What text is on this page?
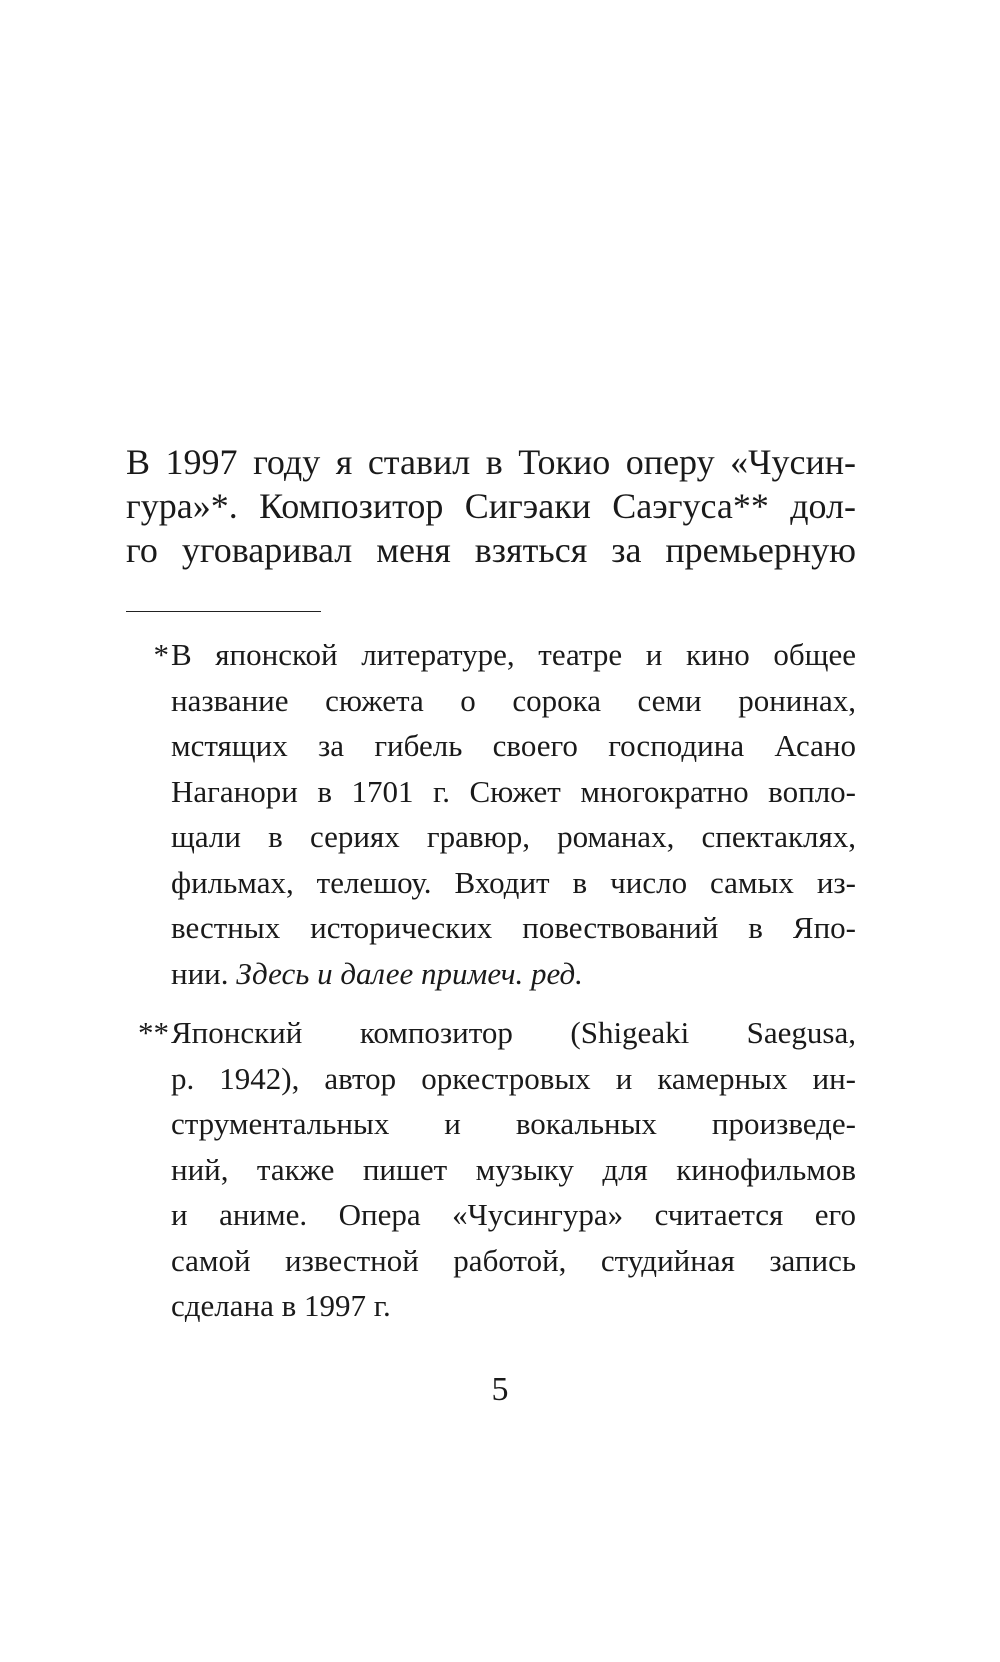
В 1997 году я ставил в Токио оперу «Чусин-
гура»*. Композитор Сигэаки Саэгуса** дол-
го уговаривал меня взяться за премьерную
* В японской литературе, театре и кино общее
название сюжета о сорока семи ронинах,
мстящих за гибель своего господина Асано
Наганори в 1701 г. Сюжет многократно вопло-
щали в сериях гравюр, романах, спектаклях,
фильмах, телешоу. Входит в число самых из-
вестных исторических повествований в Япо-
нии. Здесь и далее примеч. ред.
** Японский композитор (Shigeaki Saegusa,
р. 1942), автор оркестровых и камерных ин-
струментальных и вокальных произведе-
ний, также пишет музыку для кинофильмов
и аниме. Опера «Чусингура» считается его
самой известной работой, студийная запись
сделана в 1997 г.
5
